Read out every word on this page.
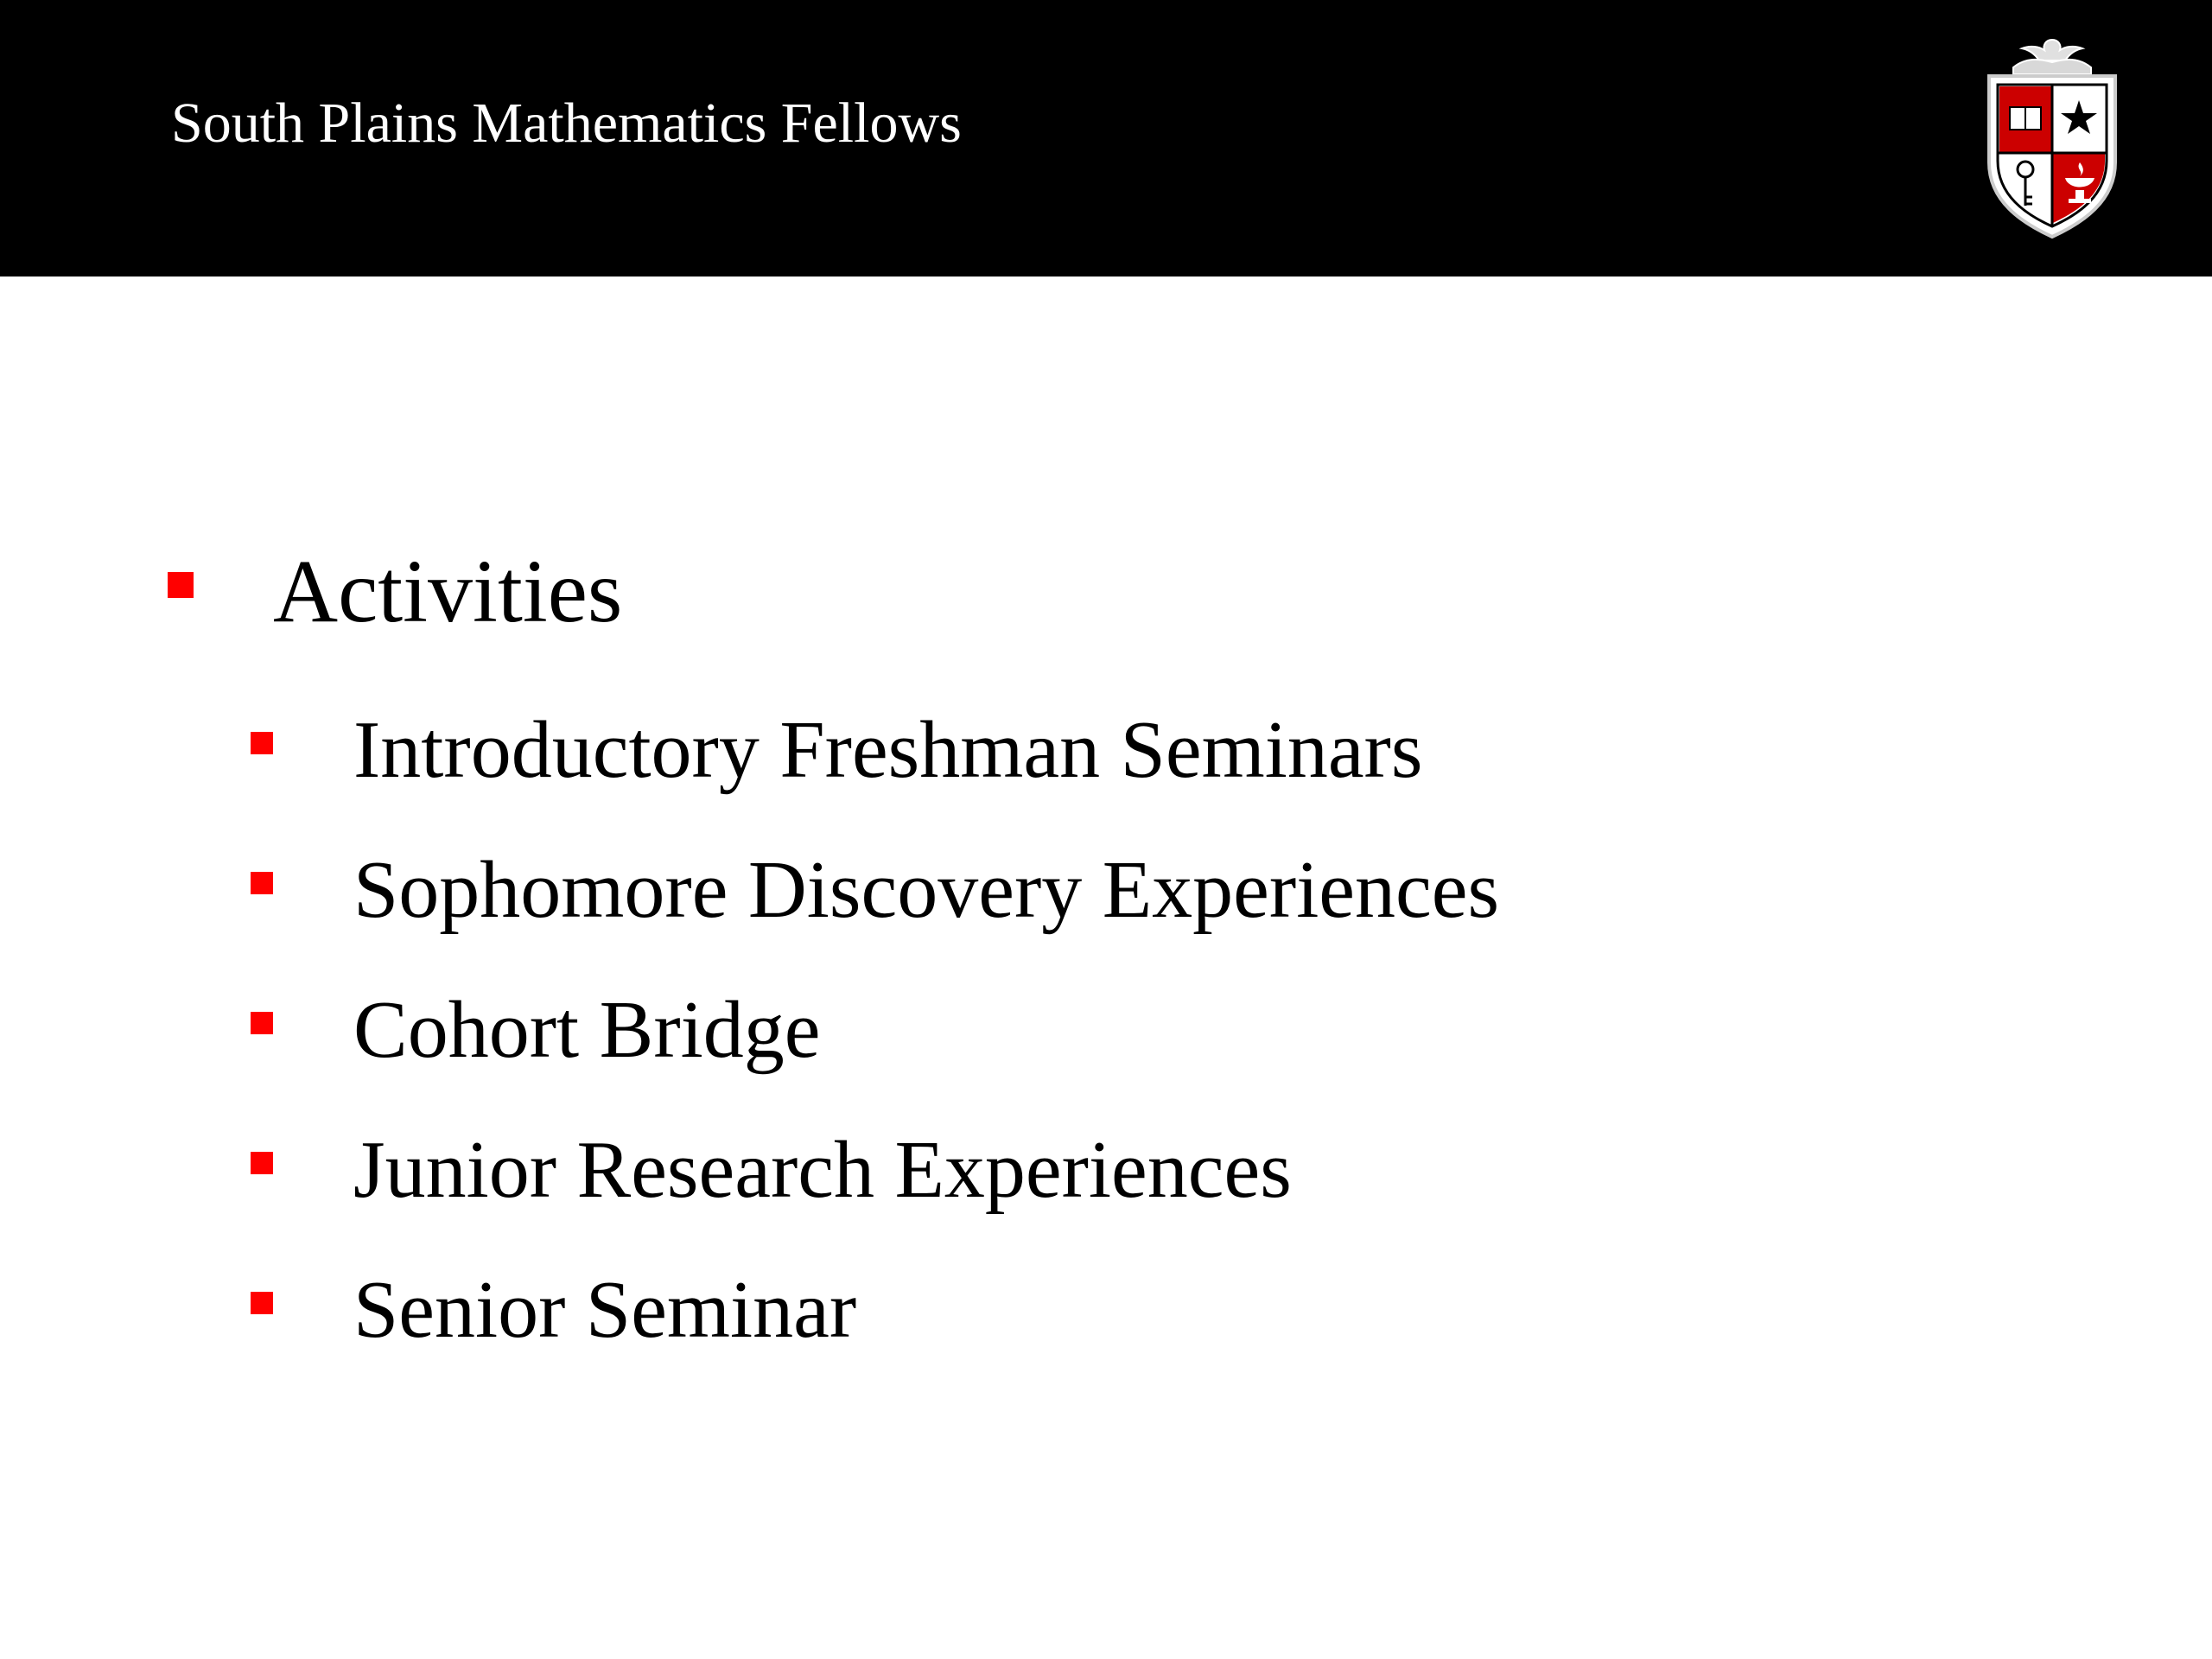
South Plains Mathematics Fellows
Activities
Introductory Freshman Seminars
Sophomore Discovery Experiences
Cohort Bridge
Junior Research Experiences
Senior Seminar
